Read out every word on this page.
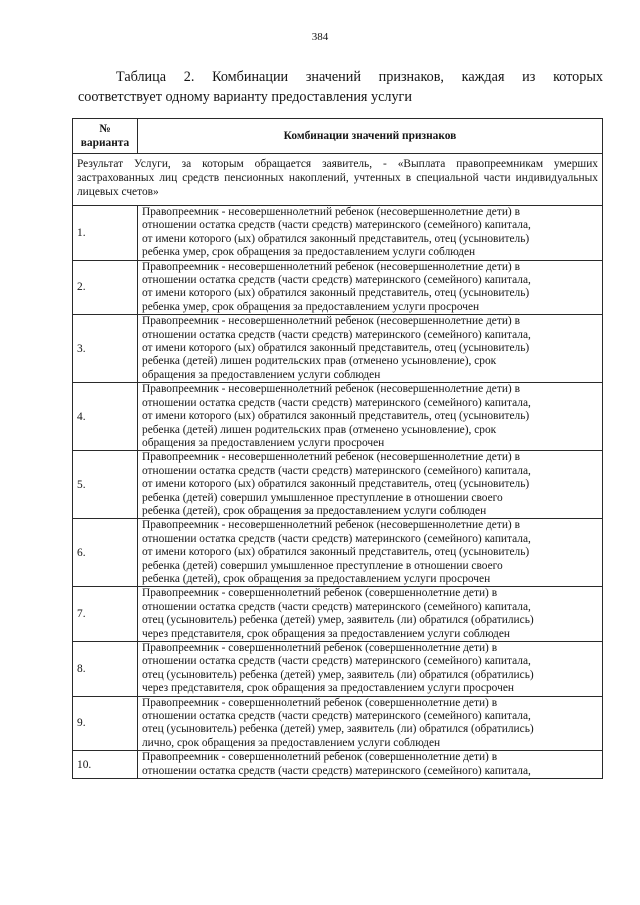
384
Таблица 2. Комбинации значений признаков, каждая из которых
соответствует одному варианту предоставления услуги
№ варианта	Комбинации значений признаков
Результат Услуги, за которым обращается заявитель, - «Выплата правопреемникам умерших застрахованных лиц средств пенсионных накоплений, учтенных в специальной части индивидуальных лицевых счетов»	
1.	Правопреемник - несовершеннолетний ребенок (несовершеннолетние дети) в
отношении остатка средств (части средств) материнского (семейного) капитала,
от имени которого (ых) обратился законный представитель, отец (усыновитель)
ребенка умер, срок обращения за предоставлением услуги соблюден

2.	Правопреемник - несовершеннолетний ребенок (несовершеннолетние дети) в
отношении остатка средств (части средств) материнского (семейного) капитала,
от имени которого (ых) обратился законный представитель, отец (усыновитель)
ребенка умер, срок обращения за предоставлением услуги просрочен

3.	Правопреемник - несовершеннолетний ребенок (несовершеннолетние дети) в
отношении остатка средств (части средств) материнского (семейного) капитала,
от имени которого (ых) обратился законный представитель, отец (усыновитель)
ребенка (детей) лишен родительских прав (отменено усыновление), срок
обращения за предоставлением услуги соблюден

4.	Правопреемник - несовершеннолетний ребенок (несовершеннолетние дети) в
отношении остатка средств (части средств) материнского (семейного) капитала,
от имени которого (ых) обратился законный представитель, отец (усыновитель)
ребенка (детей) лишен родительских прав (отменено усыновление), срок
обращения за предоставлением услуги просрочен

5.	Правопреемник - несовершеннолетний ребенок (несовершеннолетние дети) в
отношении остатка средств (части средств) материнского (семейного) капитала,
от имени которого (ых) обратился законный представитель, отец (усыновитель)
ребенка (детей) совершил умышленное преступление в отношении своего
ребенка (детей), срок обращения за предоставлением услуги соблюден

6.	Правопреемник - несовершеннолетний ребенок (несовершеннолетние дети) в
отношении остатка средств (части средств) материнского (семейного) капитала,
от имени которого (ых) обратился законный представитель, отец (усыновитель)
ребенка (детей) совершил умышленное преступление в отношении своего
ребенка (детей), срок обращения за предоставлением услуги просрочен

7.	Правопреемник - совершеннолетний ребенок (совершеннолетние дети) в
отношении остатка средств (части средств) материнского (семейного) капитала,
отец (усыновитель) ребенка (детей) умер, заявитель (ли) обратился (обратились)
через представителя, срок обращения за предоставлением услуги соблюден

8.	Правопреемник - совершеннолетний ребенок (совершеннолетние дети) в
отношении остатка средств (части средств) материнского (семейного) капитала,
отец (усыновитель) ребенка (детей) умер, заявитель (ли) обратился (обратились)
через представителя, срок обращения за предоставлением услуги просрочен

9.	Правопреемник - совершеннолетний ребенок (совершеннолетние дети) в
отношении остатка средств (части средств) материнского (семейного) капитала,
отец (усыновитель) ребенка (детей) умер, заявитель (ли) обратился (обратились)
лично, срок обращения за предоставлением услуги соблюден

10.	Правопреемник - совершеннолетний ребенок (совершеннолетние дети) в
отношении остатка средств (части средств) материнского (семейного) капитала,
